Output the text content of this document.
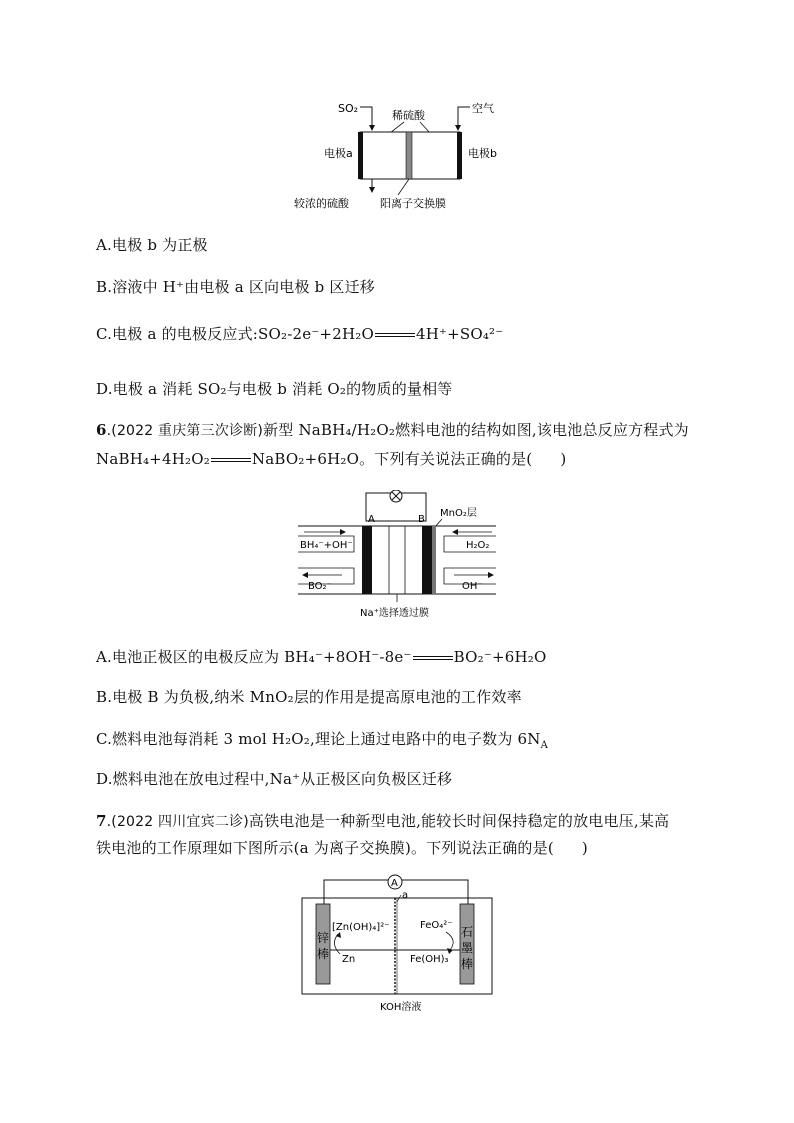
SO₂
稀硫酸
空气
电极a	电极b
较浓的硫酸	阳离子交换膜
A.电极 b 为正极
B.溶液中 H⁺由电极 a 区向电极 b 区迁移
C.电极 a 的电极反应式:SO₂-2e⁻+2H₂O	4H⁺+SO₄²⁻
D.电极 a 消耗 SO₂与电极 b 消耗 O₂的物质的量相等
6.(2022 重庆第三次诊断)新型 NaBH₄/H₂O₂燃料电池的结构如图,该电池总反应方程式为
NaBH₄+4H₂O₂	NaBO₂+6H₂O。下列有关说法正确的是( )
A	B
MnO₂层
BH₄⁻+OH⁻
BO₂⁻
H₂O₂
OH⁻
Na⁺选择透过膜
A.电池正极区的电极反应为 BH₄⁻+8OH⁻-8e⁻	BO₂⁻+6H₂O
B.电极 B 为负极,纳米 MnO₂层的作用是提高原电池的工作效率
C.燃料电池每消耗 3 mol H₂O₂,理论上通过电路中的电子数为 $6N_A$
D.燃料电池在放电过程中,Na⁺从正极区向负极区迁移
7.(2022 四川宜宾二诊)高铁电池是一种新型电池,能较长时间保持稳定的放电电压,某高
铁电池的工作原理如下图所示(a 为离子交换膜)。下列说法正确的是( )
A
a
锌棒
石墨棒
[Zn(OH)₄]²⁻
Zn
FeO₄²⁻
Fe(OH)₃
KOH溶液
